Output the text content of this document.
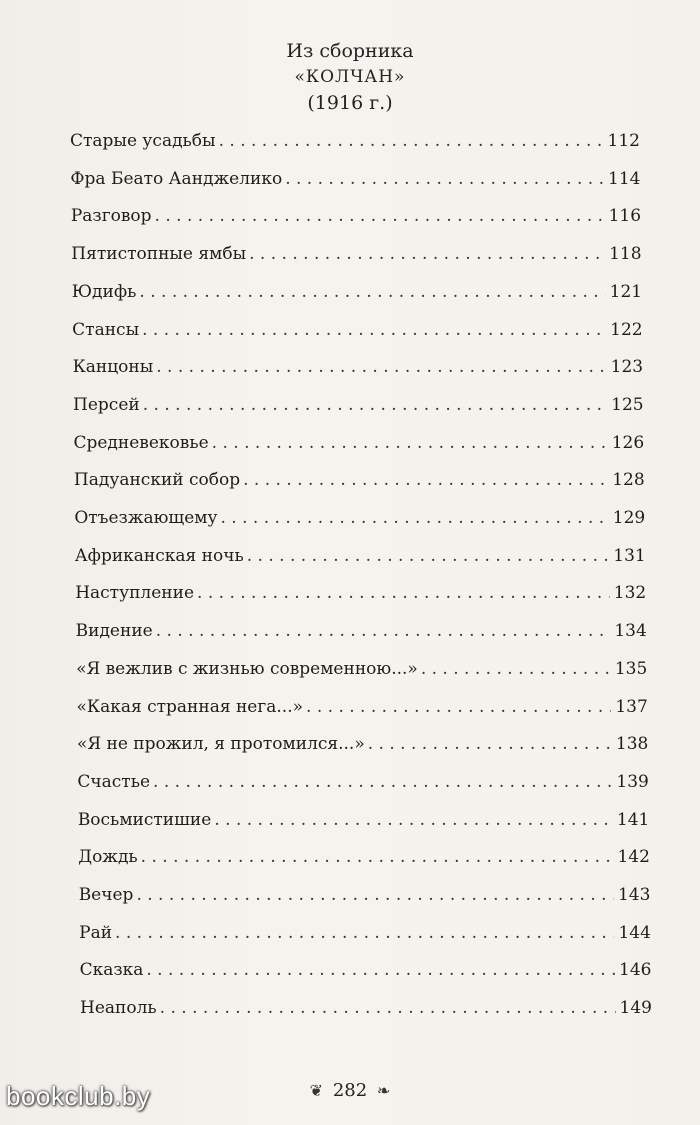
Из сборника
«КОЛЧАН»
(1916 г.)
Старые усадьбы . . .	112
Фра Беато Аанджелико . . .	114
Разговор . . .	116
Пятистопные ямбы . . .	118
Юдифь . . .	121
Стансы . . .	122
Канцоны . . .	123
Персей . . .	125
Средневековье . . .	126
Падуанский собор . . .	128
Отъезжающему . . .	129
Африканская ночь . . .	131
Наступление . . .	132
Видение . . .	134
«Я вежлив с жизнью современною...» . . .	135
«Какая странная нега...» . . .	137
«Я не прожил, я протомился...» . . .	138
Счастье . . .	139
Восьмистишие . . .	141
Дождь . . .	142
Вечер . . .	143
Рай . . .	144
Сказка . . .	146
Неаполь . . .	149
❦ 282 ❧
bookclub.by
